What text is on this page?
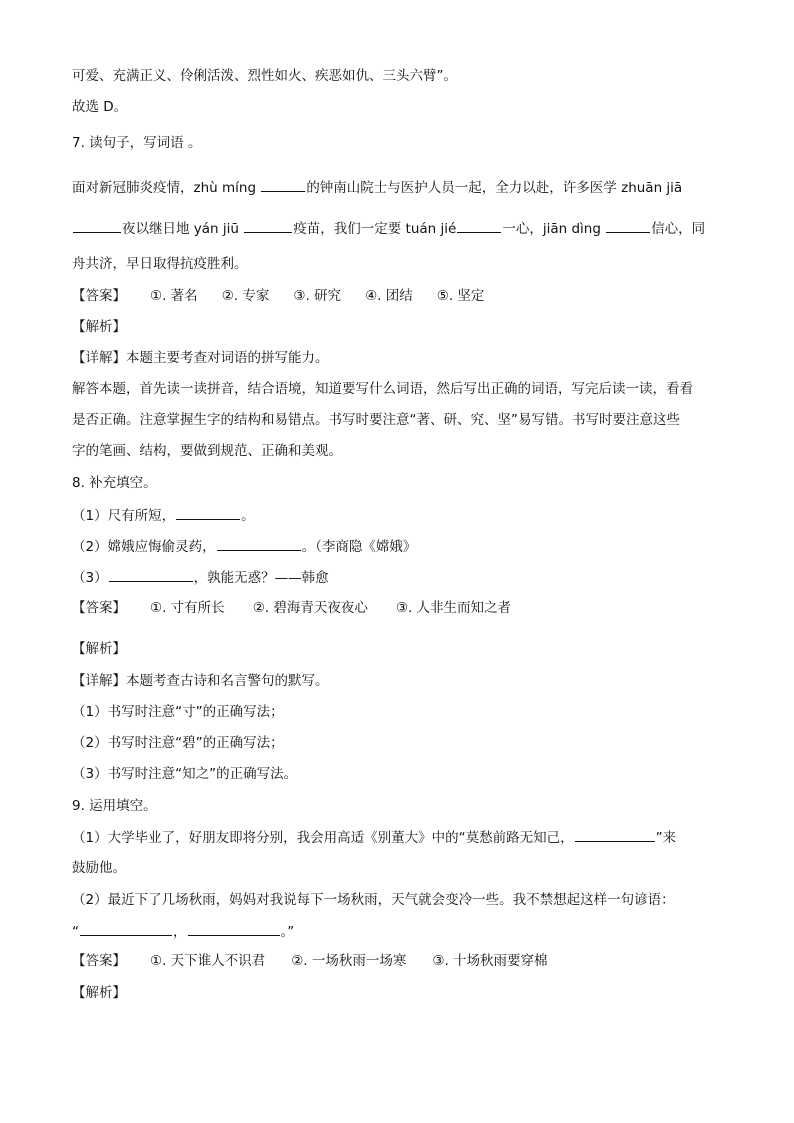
可爱、充满正义、伶俐活泼、烈性如火、疾恶如仇、三头六臂”。
故选 D。
7. 读句子，写词语 。
面对新冠肺炎疫情，zhù míng	的钟南山院士与医护人员一起，全力以赴，许多医学 zhuān jiā
夜以继日地 yán jiū	疫苗，我们一定要 tuán jié	一心，jiān dìng	信心，同
舟共济，早日取得抗疫胜利。
【答案】 ①. 著名 ②. 专家 ③. 研究 ④. 团结 ⑤. 坚定
【解析】
【详解】本题主要考查对词语的拼写能力。
解答本题，首先读一读拼音，结合语境，知道要写什么词语，然后写出正确的词语，写完后读一读，看看
是否正确。注意掌握生字的结构和易错点。书写时要注意“著、研、究、坚”易写错。书写时要注意这些
字的笔画、结构，要做到规范、正确和美观。
8. 补充填空。
（1）尺有所短，	。
（2）嫦娥应悔偷灵药，	。（李商隐《嫦娥》
（3）	，孰能无惑？——韩愈
【答案】 ①. 寸有所长 ②. 碧海青天夜夜心 ③. 人非生而知之者
【解析】
【详解】本题考查古诗和名言警句的默写。
（1）书写时注意“寸”的正确写法；
（2）书写时注意“碧”的正确写法；
（3）书写时注意“知之”的正确写法。
9. 运用填空。
（1）大学毕业了，好朋友即将分别，我会用高适《别董大》中的“莫愁前路无知己，	”来
鼓励他。
（2）最近下了几场秋雨，妈妈对我说每下一场秋雨，天气就会变冷一些。我不禁想起这样一句谚语：
“	，	。”
【答案】 ①. 天下谁人不识君 ②. 一场秋雨一场寒 ③. 十场秋雨要穿棉
【解析】
